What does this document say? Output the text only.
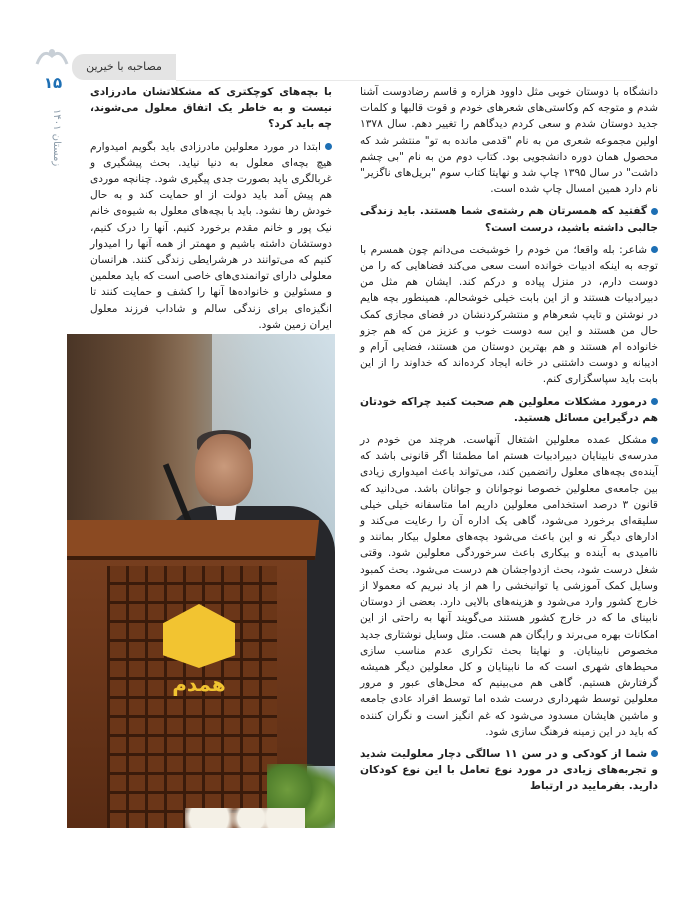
۱۵
زمستان ۱۴۰۱
مصاحبه با خیرین

دانشگاه با دوستان خوبی مثل داوود هزاره و قاسم رضادوست آشنا شدم و متوجه کم وکاستی‌های شعرهای خودم و قوت قالبها و کلمات جدید دوستان شدم و سعی کردم دیدگاهم را تغییر دهم. سال ۱۳۷۸ اولین مجموعه شعری من به نام "قدمی مانده به تو" منتشر شد که محصول همان دوره دانشجویی بود. کتاب دوم من به نام "بی چشم داشت" در سال ۱۳۹۵ چاپ شد و نهایتا کتاب سوم "بریل‌های ناگزیر" نام دارد همین امسال چاپ شده است.

گفتید که همسرتان هم رشته‌ی شما هستند. باید زندگی جالبی داشته باشید، درست است؟

شاعر: بله واقعا؛ من خودم را خوشبخت می‌دانم چون همسرم با توجه به اینکه ادبیات خوانده است سعی می‌کند فضاهایی که را من دوست دارم، در منزل پیاده و درکم کند. ایشان هم مثل من دبیرادبیات هستند و از این بابت خیلی خوشحالم. همینطور بچه هایم در نوشتن و تایپ شعرهام و منتشرکردنشان در فضای مجازی کمک حال من هستند و این سه دوست خوب و عزیز من که هم جزو خانواده ام هستند و هم بهترین دوستان من هستند، فضایی آرام و ادیبانه و دوست داشتنی در خانه ایجاد کرده‌اند که خداوند را از این بابت باید سپاسگزاری کنم.

درمورد مشکلات معلولین هم صحبت کنید چراکه خودتان هم درگیراین مسائل هستید.

مشکل عمده معلولین اشتغال آنهاست. هرچند من خودم در مدرسه‌ی نابینایان دبیرادبیات هستم اما مطمئنا اگر قانونی باشد که آینده‌ی بچه‌های معلول راتضمین کند، می‌تواند باعث امیدواری زیادی بین جامعه‌ی معلولین خصوصا نوجوانان و جوانان باشد. می‌دانید که قانون ۳ درصد استخدامی معلولین داریم اما متاسفانه خیلی خیلی سلیقه‌ای برخورد می‌شود، گاهی یک اداره آن را رعایت می‌کند و ادارهای دیگر نه و این باعث می‌شود بچه‌های معلول بیکار بمانند و ناامیدی به آینده و بیکاری باعث سرخوردگی معلولین شود. وقتی شغل درست شود، بحث ازدواجشان هم درست می‌شود. بحث کمبود وسایل کمک آموزشی یا توانبخشی را هم از یاد نبریم که معمولا از خارج کشور وارد می‌شود و هزینه‌های بالایی دارد. بعضی از دوستان نابینای ما که در خارج کشور هستند می‌گویند آنها به راحتی از این امکانات بهره می‌برند و رایگان هم هست. مثل وسایل نوشتاری جدید مخصوص نابینایان. و نهایتا بحث تکراری عدم مناسب سازی محیط‌های شهری است که ما نابینایان و کل معلولین دیگر همیشه گرفتارش هستیم. گاهی هم می‌بینیم که محل‌های عبور و مرور معلولین توسط شهرداری درست شده اما توسط افراد عادی جامعه و ماشین هایشان مسدود می‌شود که غم انگیز است و نگران کننده که باید در این زمینه فرهنگ سازی شود.

شما از کودکی و در سن ۱۱ سالگی دچار معلولیت شدید و تجربه‌های زیادی در مورد نوع تعامل با این نوع کودکان دارید. بفرمایید در ارتباط

با بچه‌های کوچکتری که مشکلاتشان مادرزادی نیست و به خاطر یک اتفاق معلول می‌شوند، چه باید کرد؟

ابتدا در مورد معلولین مادرزادی باید بگویم امیدوارم هیچ بچه‌ای معلول به دنیا نیاید. بحث پیشگیری و غربالگری باید بصورت جدی پیگیری شود. چنانچه موردی هم پیش آمد باید دولت از او حمایت کند و به حال خودش رها نشود. باید با بچه‌های معلول به شیوه‌ی خانم نیک پور و خانم مقدم برخورد کنیم. آنها را درک کنیم، دوستشان داشته باشیم و مهمتر از همه آنها را امیدوار کنیم که می‌توانند در هرشرایطی زندگی کنند. هرانسان معلولی دارای توانمندی‌های خاصی است که باید معلمین و مسئولین و خانواده‌ها آنها را کشف و حمایت کنند تا انگیزه‌ای برای زندگی سالم و شاداب فرزند معلول ایران زمین شود.

همدم
